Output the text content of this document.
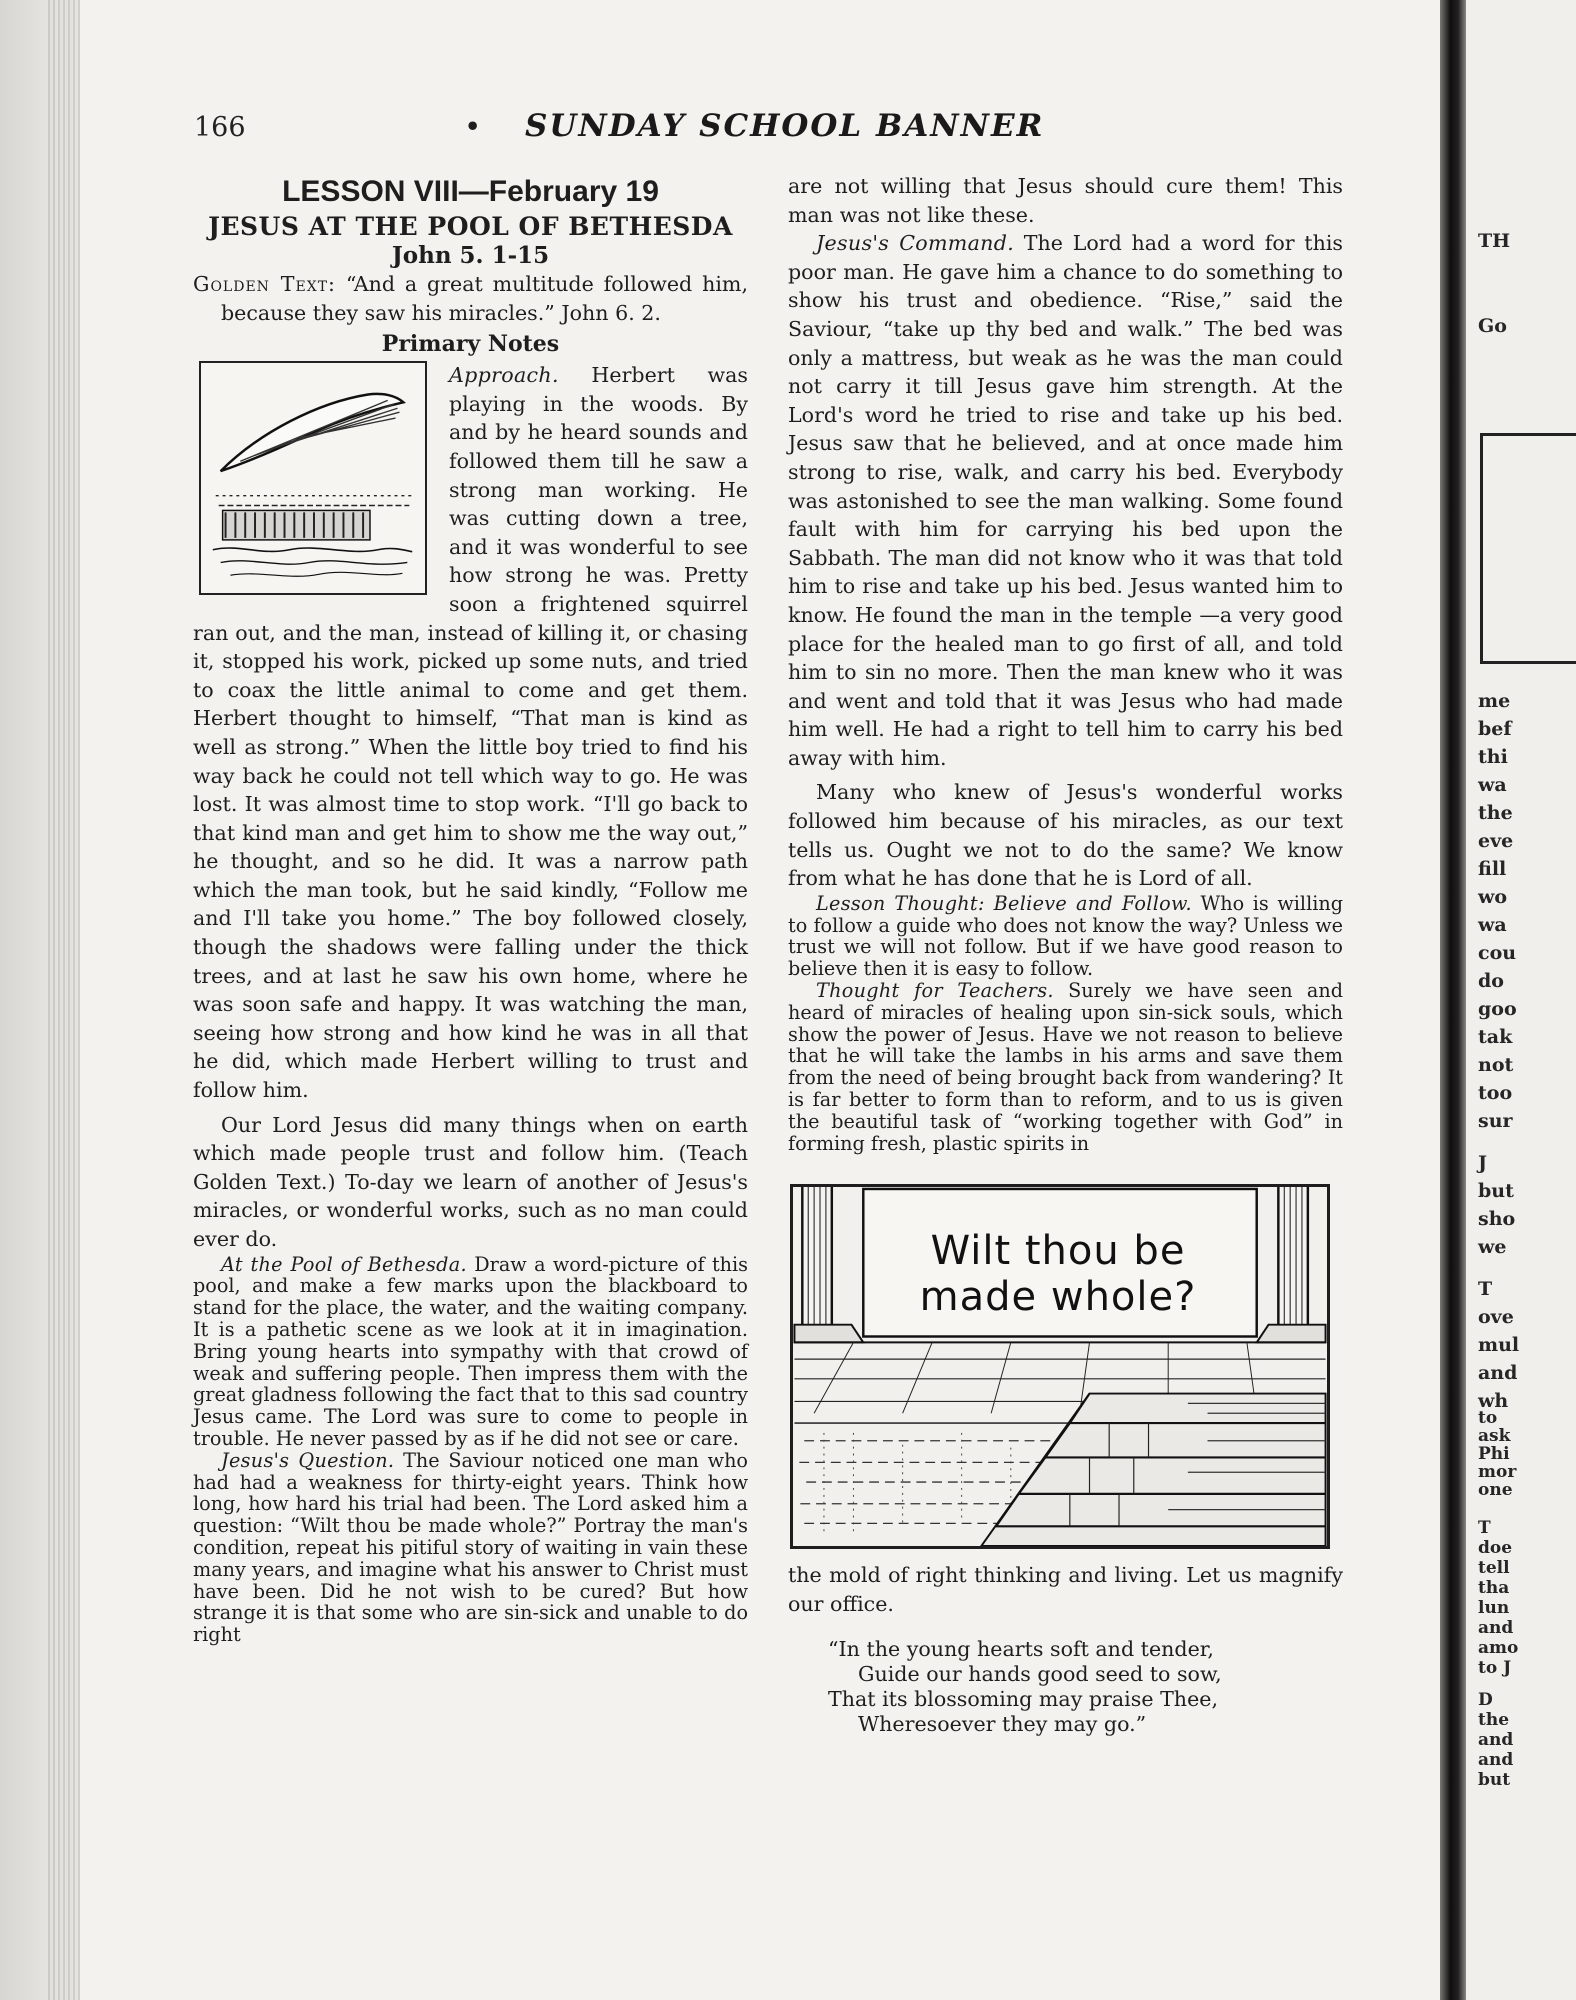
166	• SUNDAY SCHOOL BANNER

LESSON VIII—February 19

JESUS AT THE POOL OF BETHESDA

John 5. 1-15

Golden Text: “And a great multitude followed him, because they saw his miracles.” John 6. 2.

Primary Notes

Approach. Herbert was playing in the woods. By and by he heard sounds and followed them till he saw a strong man working. He was cutting down a tree, and it was wonderful to see how strong he was. Pretty soon a frightened squirrel ran out, and the man, instead of killing it, or chasing it, stopped his work, picked up some nuts, and tried to coax the little animal to come and get them. Herbert thought to himself, “That man is kind as well as strong.” When the little boy tried to find his way back he could not tell which way to go. He was lost. It was almost time to stop work. “I'll go back to that kind man and get him to show me the way out,” he thought, and so he did. It was a narrow path which the man took, but he said kindly, “Follow me and I'll take you home.” The boy followed closely, though the shadows were falling under the thick trees, and at last he saw his own home, where he was soon safe and happy. It was watching the man, seeing how strong and how kind he was in all that he did, which made Herbert willing to trust and follow him.

Our Lord Jesus did many things when on earth which made people trust and follow him. (Teach Golden Text.) To-day we learn of another of Jesus's miracles, or wonderful works, such as no man could ever do.

At the Pool of Bethesda. Draw a word-picture of this pool, and make a few marks upon the blackboard to stand for the place, the water, and the waiting company. It is a pathetic scene as we look at it in imagination. Bring young hearts into sympathy with that crowd of weak and suffering people. Then impress them with the great gladness following the fact that to this sad country Jesus came. The Lord was sure to come to people in trouble. He never passed by as if he did not see or care.

Jesus's Question. The Saviour noticed one man who had had a weakness for thirty-eight years. Think how long, how hard his trial had been. The Lord asked him a question: “Wilt thou be made whole?” Portray the man's condition, repeat his pitiful story of waiting in vain these many years, and imagine what his answer to Christ must have been. Did he not wish to be cured? But how strange it is that some who are sin-sick and unable to do right

are not willing that Jesus should cure them! This man was not like these.

Jesus's Command. The Lord had a word for this poor man. He gave him a chance to do something to show his trust and obedience. “Rise,” said the Saviour, “take up thy bed and walk.” The bed was only a mattress, but weak as he was the man could not carry it till Jesus gave him strength. At the Lord's word he tried to rise and take up his bed. Jesus saw that he believed, and at once made him strong to rise, walk, and carry his bed. Everybody was astonished to see the man walking. Some found fault with him for carrying his bed upon the Sabbath. The man did not know who it was that told him to rise and take up his bed. Jesus wanted him to know. He found the man in the temple —a very good place for the healed man to go first of all, and told him to sin no more. Then the man knew who it was and went and told that it was Jesus who had made him well. He had a right to tell him to carry his bed away with him.

Many who knew of Jesus's wonderful works followed him because of his miracles, as our text tells us. Ought we not to do the same? We know from what he has done that he is Lord of all.

Lesson Thought: Believe and Follow. Who is willing to follow a guide who does not know the way? Unless we trust we will not follow. But if we have good reason to believe then it is easy to follow.

Thought for Teachers. Surely we have seen and heard of miracles of healing upon sin-sick souls, which show the power of Jesus. Have we not reason to believe that he will take the lambs in his arms and save them from the need of being brought back from wandering? It is far better to form than to reform, and to us is given the beautiful task of “working together with God” in forming fresh, plastic spirits in

Wilt thou be
made whole?

the mold of right thinking and living. Let us magnify our office.

“In the young hearts soft and tender,
Guide our hands good seed to sow,
That its blossoming may praise Thee,
Wheresoever they may go.”
TH
Go
me
bef
thi
wa
the
eve
fill
wo
wa
cou
do
goo
tak
not
too
sur
J
but
sho
we
T
ove
mul
and
wh
to
ask
Phi
mor
one
T
doe
tell
tha
lun
and
amo
to J
D
the
and
and
but
